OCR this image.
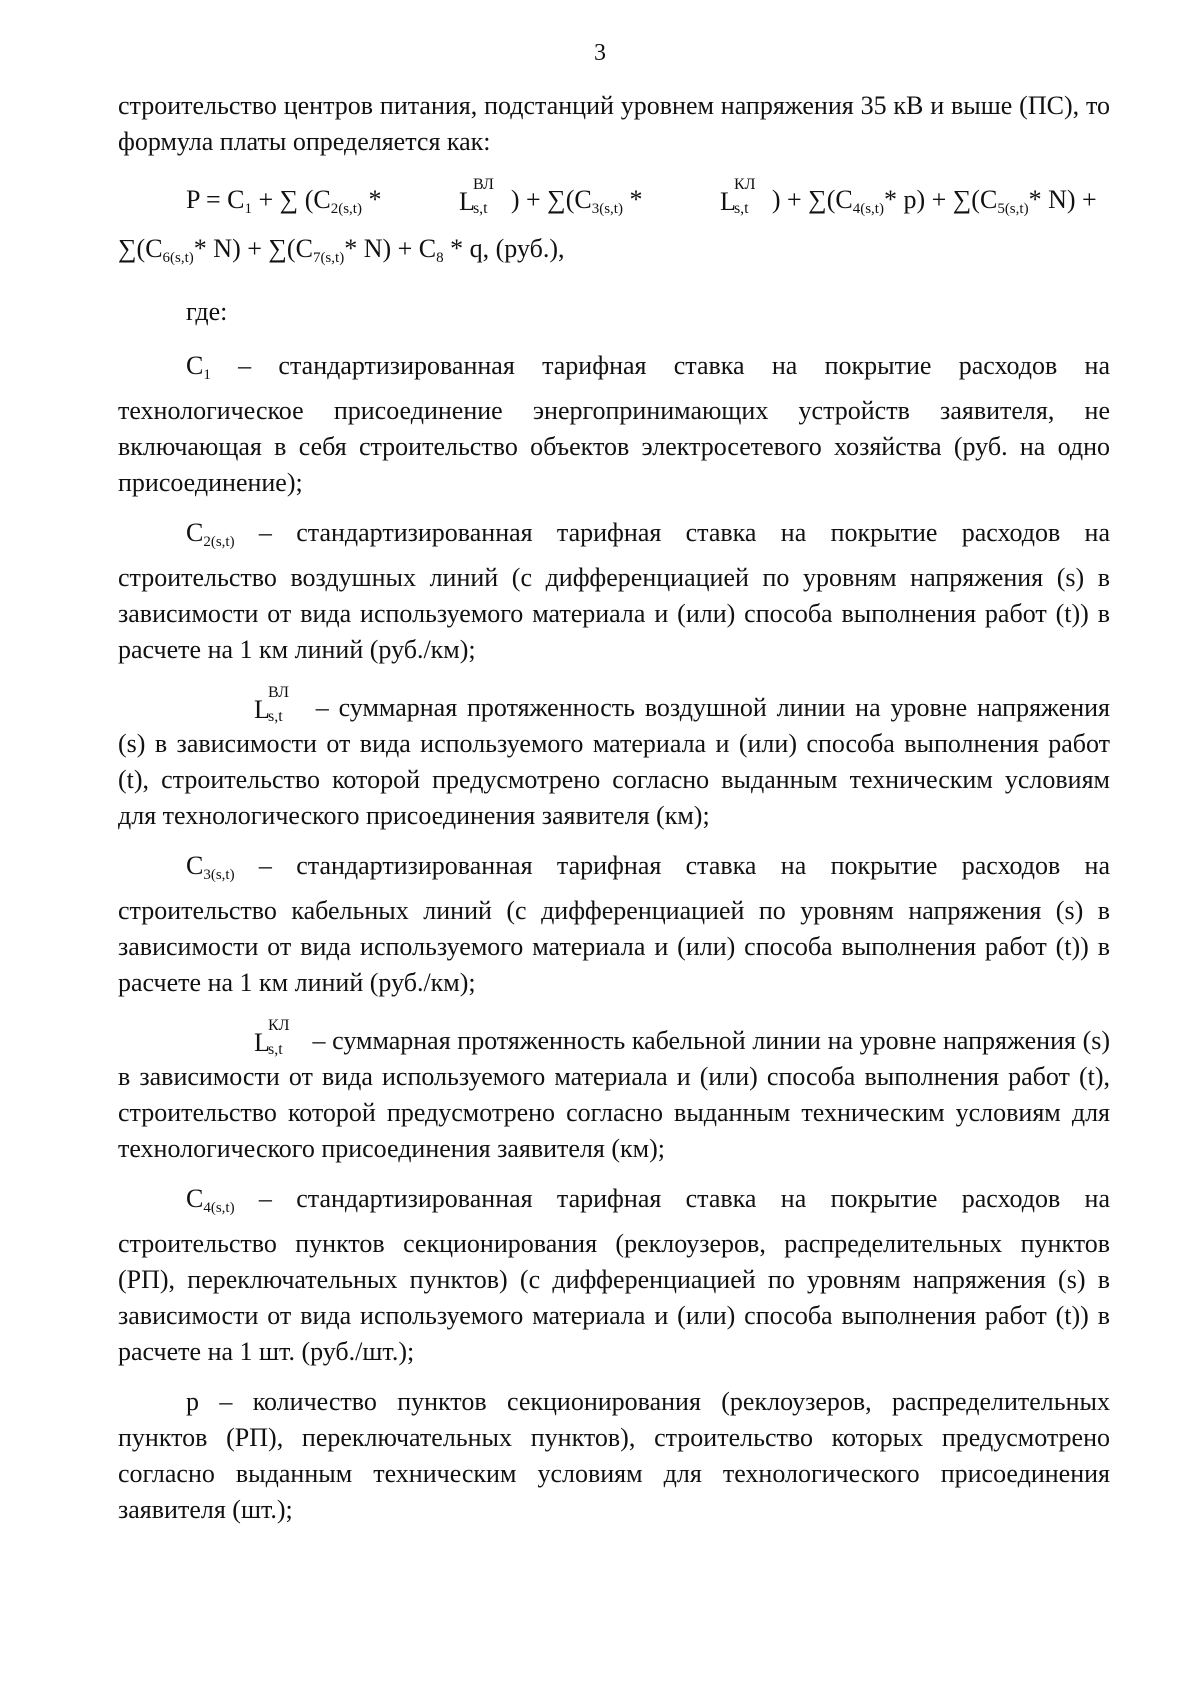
3

строительство центров питания, подстанций уровнем напряжения 35 кВ и выше (ПС), то формула платы определяется как:

P = C1 + ∑ (C2(s,t) *	L
ВЛ
s,t ) + ∑(C3(s,t) *	L
КЛ
s,t ) + ∑(C4(s,t)* p) + ∑(C5(s,t)* N) +

∑(C6(s,t)* N) + ∑(C7(s,t)* N) + C8 * q, (руб.),

где:

C1 – стандартизированная тарифная ставка на покрытие расходов на технологическое присоединение энергопринимающих устройств заявителя, не включающая в себя строительство объектов электросетевого хозяйства (руб. на одно присоединение);

C2(s,t) – стандартизированная тарифная ставка на покрытие расходов на строительство воздушных линий (с дифференциацией по уровням напряжения (s) в зависимости от вида используемого материала и (или) способа выполнения работ (t)) в расчете на 1 км линий (руб./км);

L
ВЛ
s,t – суммарная протяженность воздушной линии на уровне напряжения (s) в зависимости от вида используемого материала и (или) способа выполнения работ (t), строительство которой предусмотрено согласно выданным техническим условиям для технологического присоединения заявителя (км);

C3(s,t) – стандартизированная тарифная ставка на покрытие расходов на строительство кабельных линий (с дифференциацией по уровням напряжения (s) в зависимости от вида используемого материала и (или) способа выполнения работ (t)) в расчете на 1 км линий (руб./км);

L
КЛ
s,t – суммарная протяженность кабельной линии на уровне напряжения (s) в зависимости от вида используемого материала и (или) способа выполнения работ (t), строительство которой предусмотрено согласно выданным техническим условиям для технологического присоединения заявителя (км);

C4(s,t) – стандартизированная тарифная ставка на покрытие расходов на строительство пунктов секционирования (реклоузеров, распределительных пунктов (РП), переключательных пунктов) (с дифференциацией по уровням напряжения (s) в зависимости от вида используемого материала и (или) способа выполнения работ (t)) в расчете на 1 шт. (руб./шт.);

p – количество пунктов секционирования (реклоузеров, распределительных пунктов (РП), переключательных пунктов), строительство которых предусмотрено согласно выданным техническим условиям для технологического присоединения заявителя (шт.);
